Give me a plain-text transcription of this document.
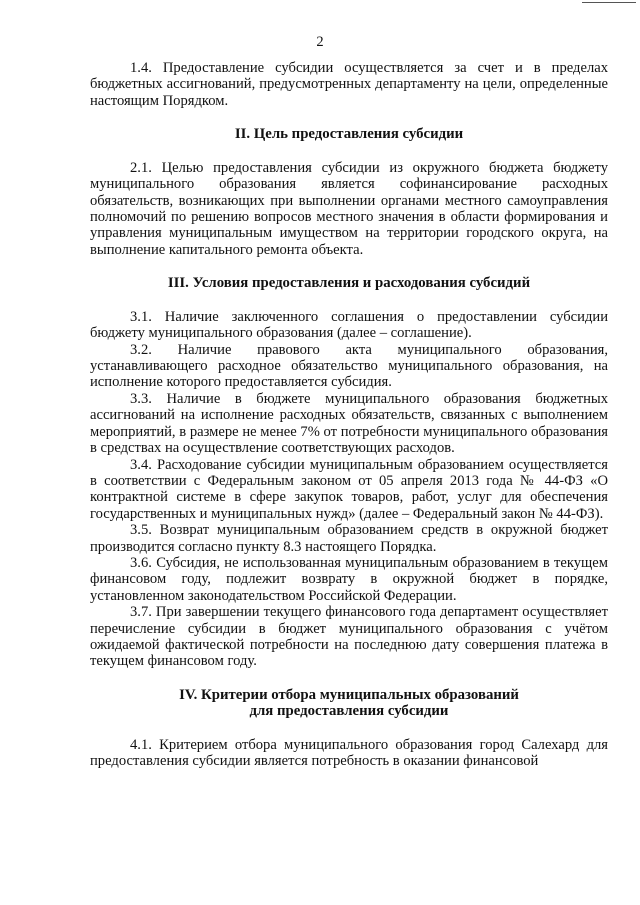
2

1.4. Предоставление субсидии осуществляется за счет и в пределах бюджетных ассигнований, предусмотренных департаменту на цели, определенные настоящим Порядком.

II. Цель предоставления субсидии

2.1. Целью предоставления субсидии из окружного бюджета бюджету муниципального образования является софинансирование расходных обязательств, возникающих при выполнении органами местного самоуправления полномочий по решению вопросов местного значения в области формирования и управления муниципальным имуществом на территории городского округа, на выполнение капитального ремонта объекта.

III. Условия предоставления и расходования субсидий

3.1. Наличие заключенного соглашения о предоставлении субсидии бюджету муниципального образования (далее – соглашение).

3.2. Наличие правового акта муниципального образования, устанавливающего расходное обязательство муниципального образования, на исполнение которого предоставляется субсидия.

3.3. Наличие в бюджете муниципального образования бюджетных ассигнований на исполнение расходных обязательств, связанных с выполнением мероприятий, в размере не менее 7% от потребности муниципального образования в средствах на осуществление соответствующих расходов.

3.4. Расходование субсидии муниципальным образованием осуществляется в соответствии с Федеральным законом от 05 апреля 2013 года № 44-ФЗ «О контрактной системе в сфере закупок товаров, работ, услуг для обеспечения государственных и муниципальных нужд» (далее – Федеральный закон № 44-ФЗ).

3.5. Возврат муниципальным образованием средств в окружной бюджет производится согласно пункту 8.3 настоящего Порядка.

3.6. Субсидия, не использованная муниципальным образованием в текущем финансовом году, подлежит возврату в окружной бюджет в порядке, установленном законодательством Российской Федерации.

3.7. При завершении текущего финансового года департамент осуществляет перечисление субсидии в бюджет муниципального образования с учётом ожидаемой фактической потребности на последнюю дату совершения платежа в текущем финансовом году.

IV. Критерии отбора муниципальных образований
для предоставления субсидии

4.1. Критерием отбора муниципального образования город Салехард для предоставления субсидии является потребность в оказании финансовой
